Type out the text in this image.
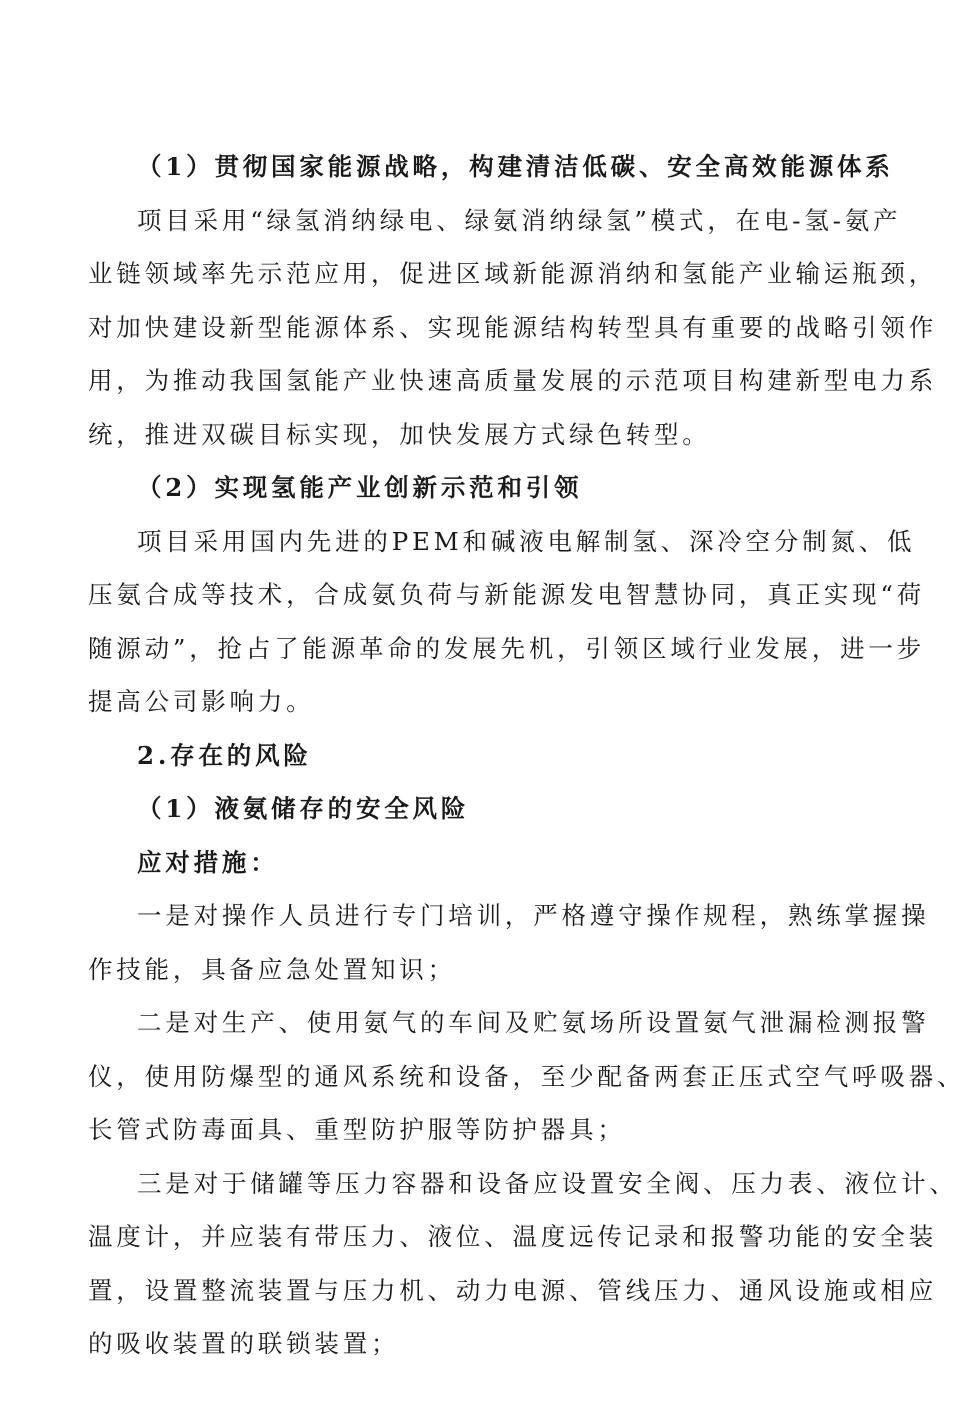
（1）贯彻国家能源战略，构建清洁低碳、安全高效能源体系
项目采用“绿氢消纳绿电、绿氨消纳绿氢”模式，在电-氢-氨产
业链领域率先示范应用，促进区域新能源消纳和氢能产业输运瓶颈，
对加快建设新型能源体系、实现能源结构转型具有重要的战略引领作
用，为推动我国氢能产业快速高质量发展的示范项目构建新型电力系
统，推进双碳目标实现，加快发展方式绿色转型。
（2）实现氢能产业创新示范和引领
项目采用国内先进的PEM和碱液电解制氢、深冷空分制氮、低
压氨合成等技术，合成氨负荷与新能源发电智慧协同，真正实现“荷
随源动”，抢占了能源革命的发展先机，引领区域行业发展，进一步
提高公司影响力。
2.存在的风险
（1）液氨储存的安全风险
应对措施：
一是对操作人员进行专门培训，严格遵守操作规程，熟练掌握操
作技能，具备应急处置知识；
二是对生产、使用氨气的车间及贮氨场所设置氨气泄漏检测报警
仪，使用防爆型的通风系统和设备，至少配备两套正压式空气呼吸器、
长管式防毒面具、重型防护服等防护器具；
三是对于储罐等压力容器和设备应设置安全阀、压力表、液位计、
温度计，并应装有带压力、液位、温度远传记录和报警功能的安全装
置，设置整流装置与压力机、动力电源、管线压力、通风设施或相应
的吸收装置的联锁装置；
